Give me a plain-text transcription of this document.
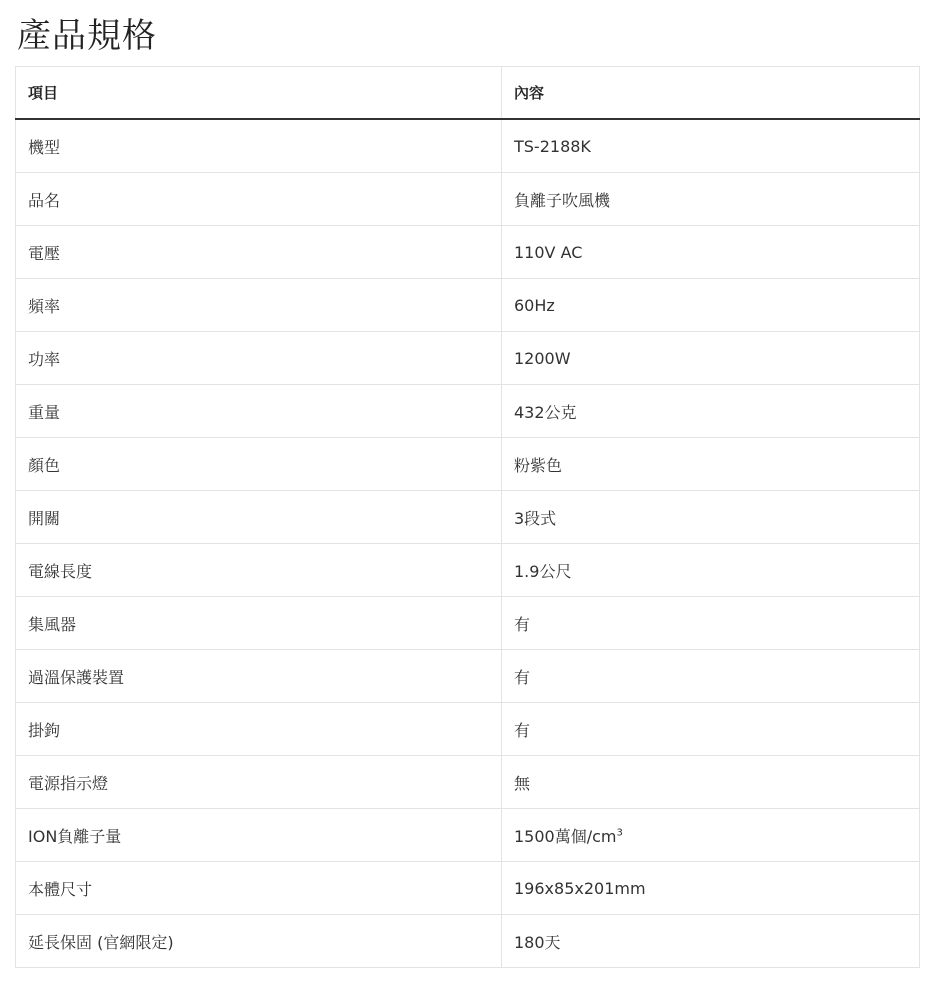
產品規格
項目	內容
機型	TS-2188K
品名	負離子吹風機
電壓	110V AC
頻率	60Hz
功率	1200W
重量	432公克
顏色	粉紫色
開關	3段式
電線長度	1.9公尺
集風器	有
過溫保護裝置	有
掛鉤	有
電源指示燈	無
ION負離子量	1500萬個$/cm^3$
本體尺寸	196x85x201mm
延長保固 (官網限定)	180天
